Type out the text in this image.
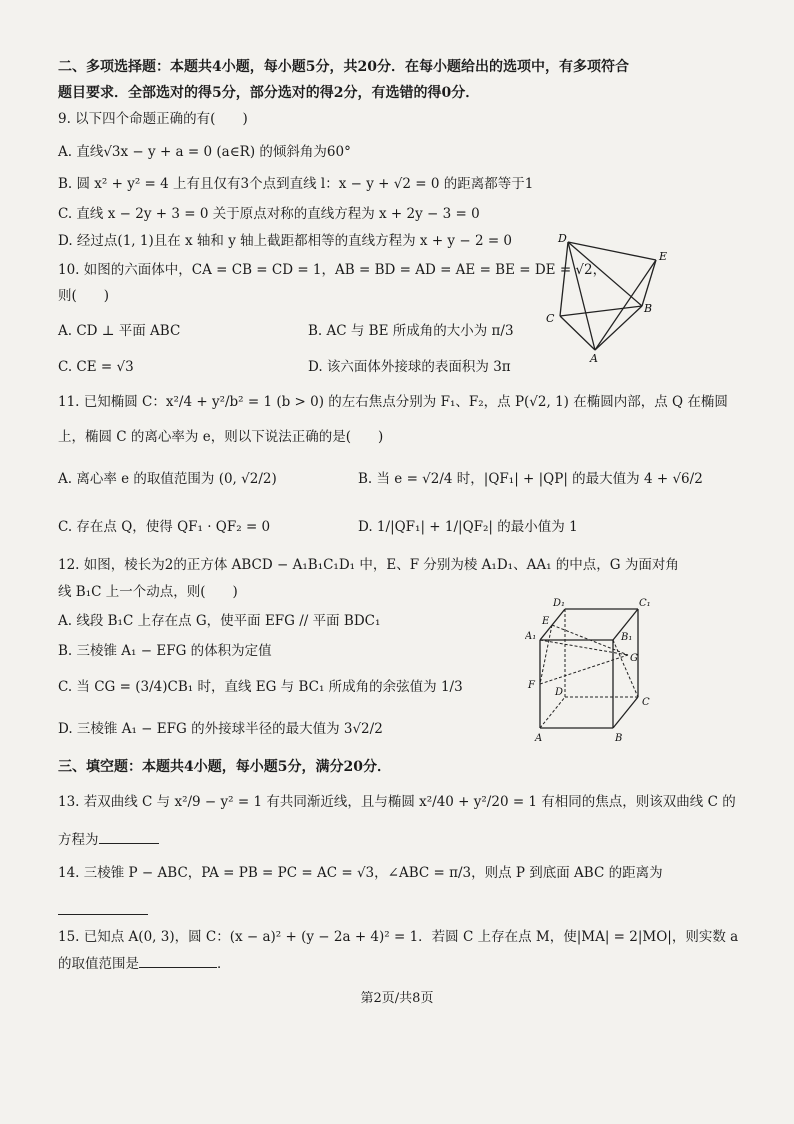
二、多项选择题：本题共4小题，每小题5分，共20分．在每小题给出的选项中，有多项符合
题目要求．全部选对的得5分，部分选对的得2分，有选错的得0分．
9. 以下四个命题正确的有(　　)
A. 直线√3x − y + a = 0 (a∈R) 的倾斜角为60°
B. 圆 x² + y² = 4 上有且仅有3个点到直线 l：x − y + √2 = 0 的距离都等于1
C. 直线 x − 2y + 3 = 0 关于原点对称的直线方程为 x + 2y − 3 = 0
D. 经过点(1, 1)且在 x 轴和 y 轴上截距都相等的直线方程为 x + y − 2 = 0
10. 如图的六面体中，CA = CB = CD = 1，AB = BD = AD = AE = BE = DE = √2，
则(　　)
A. CD ⊥ 平面 ABC	B. AC 与 BE 所成角的大小为 π/3
C. CE = √3	D. 该六面体外接球的表面积为 3π
D
E
C
B
A
11. 已知椭圆 C：x²/4 + y²/b² = 1 (b > 0) 的左右焦点分别为 F₁、F₂，点 P(√2, 1) 在椭圆内部，点 Q 在椭圆
上，椭圆 C 的离心率为 e，则以下说法正确的是(　　)
A. 离心率 e 的取值范围为 (0, √2/2)	B. 当 e = √2/4 时，|QF₁| + |QP| 的最大值为 4 + √6/2
C. 存在点 Q，使得 QF₁ · QF₂ = 0	D. 1/|QF₁| + 1/|QF₂| 的最小值为 1
12. 如图，棱长为2的正方体 ABCD − A₁B₁C₁D₁ 中，E、F 分别为棱 A₁D₁、AA₁ 的中点，G 为面对角
线 B₁C 上一个动点，则(　　)
A. 线段 B₁C 上存在点 G，使平面 EFG // 平面 BDC₁
B. 三棱锥 A₁ − EFG 的体积为定值
C. 当 CG = (3/4)CB₁ 时，直线 EG 与 BC₁ 所成角的余弦值为 1/3
D. 三棱锥 A₁ − EFG 的外接球半径的最大值为 3√2/2
D₁	C₁
E
A₁	B₁
G
F
D
C
A	B
三、填空题：本题共4小题，每小题5分，满分20分．
13. 若双曲线 C 与 x²/9 − y² = 1 有共同渐近线，且与椭圆 x²/40 + y²/20 = 1 有相同的焦点，则该双曲线 C 的
方程为
14. 三棱锥 P − ABC，PA = PB = PC = AC = √3，∠ABC = π/3，则点 P 到底面 ABC 的距离为
15. 已知点 A(0, 3)，圆 C：(x − a)² + (y − 2a + 4)² = 1．若圆 C 上存在点 M，使|MA| = 2|MO|，则实数 a
的取值范围是	．
第2页/共8页
